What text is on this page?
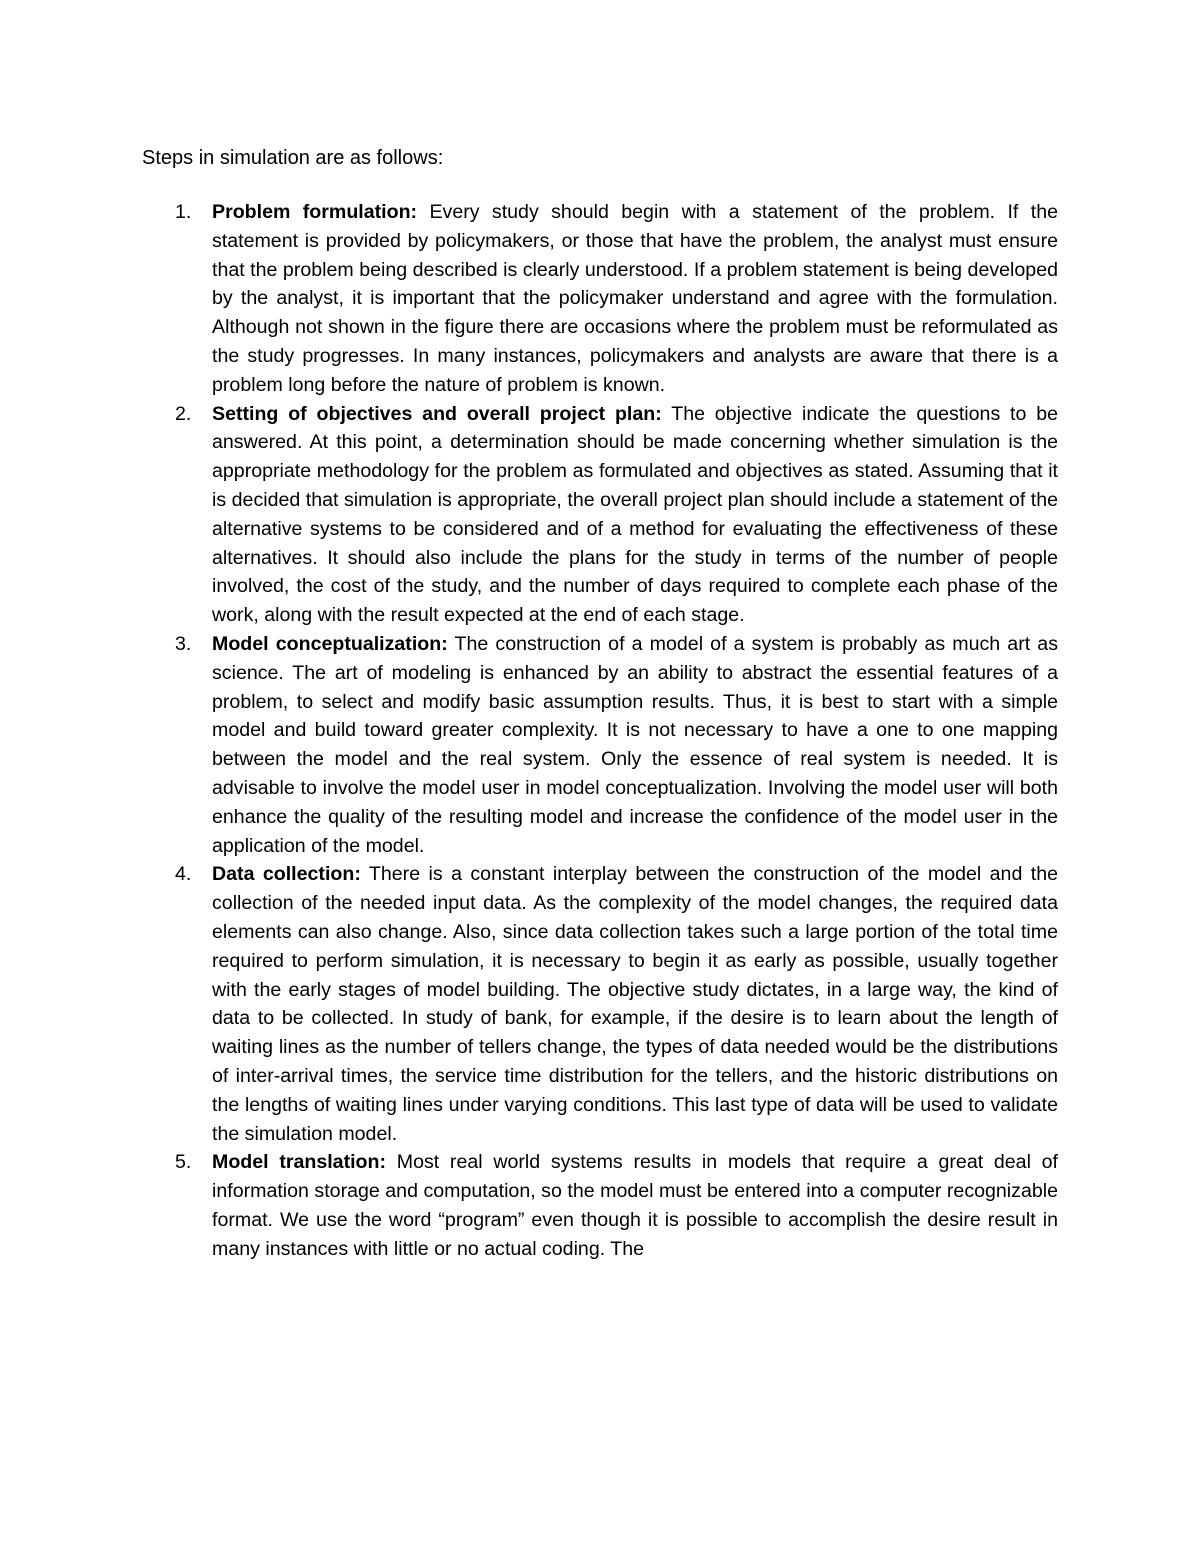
Steps in simulation are as follows:

1. Problem formulation: Every study should begin with a statement of the problem. If the statement is provided by policymakers, or those that have the problem, the analyst must ensure that the problem being described is clearly understood. If a problem statement is being developed by the analyst, it is important that the policymaker understand and agree with the formulation. Although not shown in the figure there are occasions where the problem must be reformulated as the study progresses. In many instances, policymakers and analysts are aware that there is a problem long before the nature of problem is known.
2. Setting of objectives and overall project plan: The objective indicate the questions to be answered. At this point, a determination should be made concerning whether simulation is the appropriate methodology for the problem as formulated and objectives as stated. Assuming that it is decided that simulation is appropriate, the overall project plan should include a statement of the alternative systems to be considered and of a method for evaluating the effectiveness of these alternatives. It should also include the plans for the study in terms of the number of people involved, the cost of the study, and the number of days required to complete each phase of the work, along with the result expected at the end of each stage.
3. Model conceptualization: The construction of a model of a system is probably as much art as science. The art of modeling is enhanced by an ability to abstract the essential features of a problem, to select and modify basic assumption results. Thus, it is best to start with a simple model and build toward greater complexity. It is not necessary to have a one to one mapping between the model and the real system. Only the essence of real system is needed. It is advisable to involve the model user in model conceptualization. Involving the model user will both enhance the quality of the resulting model and increase the confidence of the model user in the application of the model.
4. Data collection: There is a constant interplay between the construction of the model and the collection of the needed input data. As the complexity of the model changes, the required data elements can also change. Also, since data collection takes such a large portion of the total time required to perform simulation, it is necessary to begin it as early as possible, usually together with the early stages of model building. The objective study dictates, in a large way, the kind of data to be collected. In study of bank, for example, if the desire is to learn about the length of waiting lines as the number of tellers change, the types of data needed would be the distributions of inter-arrival times, the service time distribution for the tellers, and the historic distributions on the lengths of waiting lines under varying conditions. This last type of data will be used to validate the simulation model.
5. Model translation: Most real world systems results in models that require a great deal of information storage and computation, so the model must be entered into a computer recognizable format. We use the word “program” even though it is possible to accomplish the desire result in many instances with little or no actual coding. The
